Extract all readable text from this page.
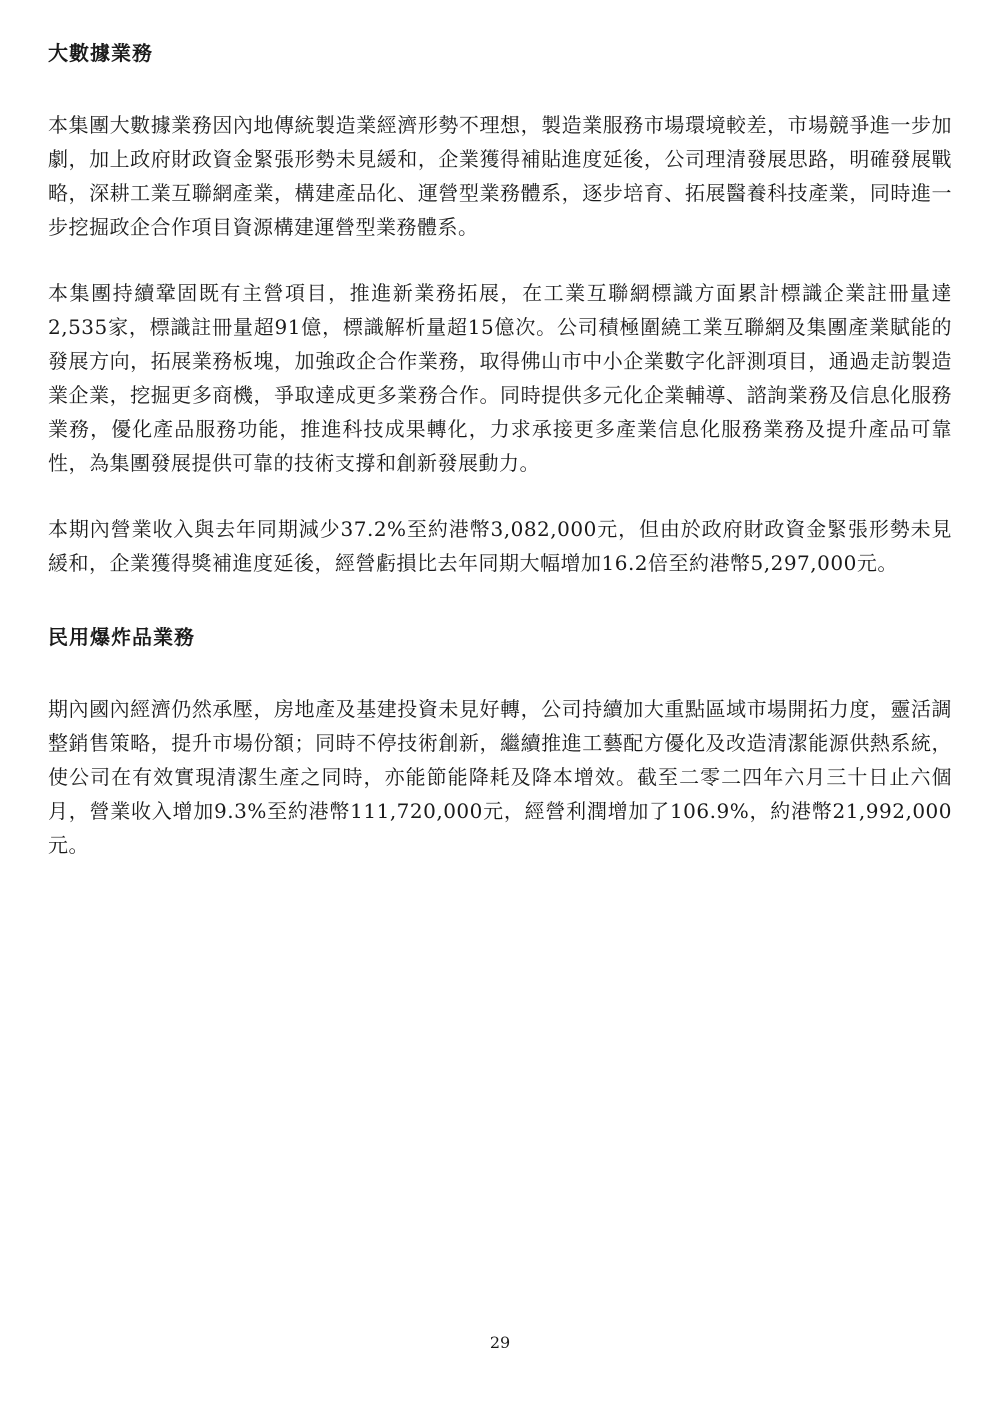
大數據業務

本集團大數據業務因內地傳統製造業經濟形勢不理想，製造業服務市場環境較差，市場競爭進一步加劇，加上政府財政資金緊張形勢未見緩和，企業獲得補貼進度延後，公司理清發展思路，明確發展戰略，深耕工業互聯網產業，構建產品化、運營型業務體系，逐步培育、拓展醫養科技產業，同時進一步挖掘政企合作項目資源構建運營型業務體系。

本集團持續鞏固既有主營項目，推進新業務拓展，在工業互聯網標識方面累計標識企業註冊量達2,535家，標識註冊量超91億，標識解析量超15億次。公司積極圍繞工業互聯網及集團產業賦能的發展方向，拓展業務板塊，加強政企合作業務，取得佛山市中小企業數字化評測項目，通過走訪製造業企業，挖掘更多商機，爭取達成更多業務合作。同時提供多元化企業輔導、諮詢業務及信息化服務業務，優化產品服務功能，推進科技成果轉化，力求承接更多產業信息化服務業務及提升產品可靠性，為集團發展提供可靠的技術支撐和創新發展動力。

本期內營業收入與去年同期減少37.2%至約港幣3,082,000元，但由於政府財政資金緊張形勢未見緩和，企業獲得獎補進度延後，經營虧損比去年同期大幅增加16.2倍至約港幣5,297,000元。

民用爆炸品業務

期內國內經濟仍然承壓，房地產及基建投資未見好轉，公司持續加大重點區域市場開拓力度，靈活調整銷售策略，提升市場份額；同時不停技術創新，繼續推進工藝配方優化及改造清潔能源供熱系統，使公司在有效實現清潔生產之同時，亦能節能降耗及降本增效。截至二零二四年六月三十日止六個月，營業收入增加9.3%至約港幣111,720,000元，經營利潤增加了106.9%，約港幣21,992,000元。

29
